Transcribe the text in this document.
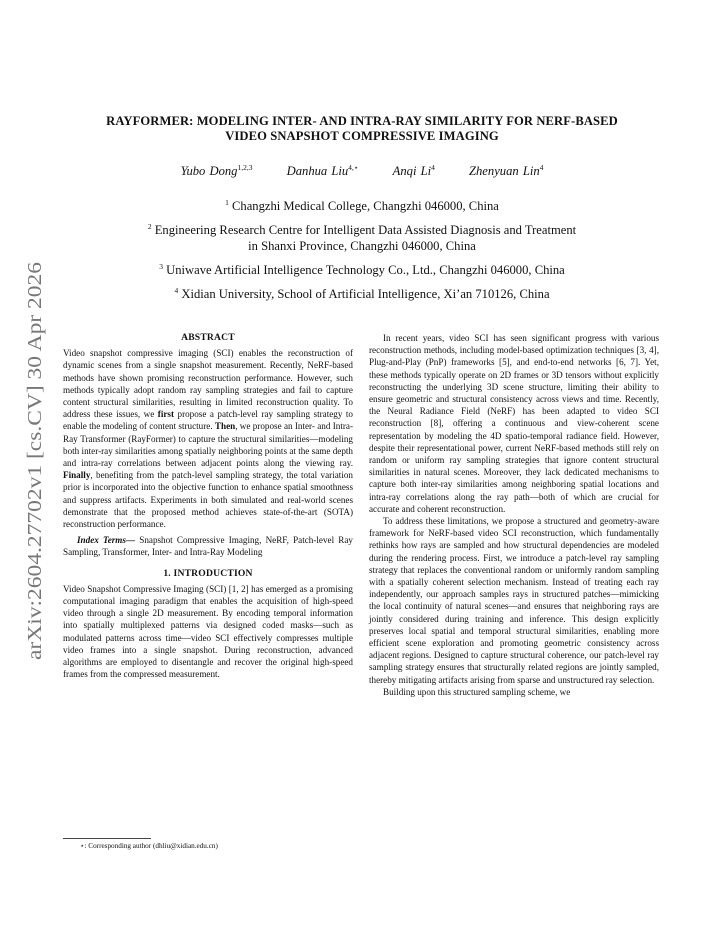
arXiv:2604.27702v1 [cs.CV] 30 Apr 2026
RAYFORMER: MODELING INTER- AND INTRA-RAY SIMILARITY FOR NERF-BASED
VIDEO SNAPSHOT COMPRESSIVE IMAGING
Yubo Dong$^{1,2,3}$	Danhua Liu$^{4,⋆}$	Anqi Li$^4$	Zhenyuan Lin$^4$
$^1$ Changzhi Medical College, Changzhi 046000, China
$^2$ Engineering Research Centre for Intelligent Data Assisted Diagnosis and Treatment
in Shanxi Province, Changzhi 046000, China
$^3$ Uniwave Artificial Intelligence Technology Co., Ltd., Changzhi 046000, China
$^4$ Xidian University, School of Artificial Intelligence, Xi’an 710126, China
ABSTRACT

Video snapshot compressive imaging (SCI) enables the reconstruction of dynamic scenes from a single snapshot measurement. Recently, NeRF-based methods have shown promising reconstruction performance. However, such methods typically adopt random ray sampling strategies and fail to capture content structural similarities, resulting in limited reconstruction quality. To address these issues, we first propose a patch-level ray sampling strategy to enable the modeling of content structure. Then, we propose an Inter- and Intra-Ray Transformer (RayFormer) to capture the structural similarities—modeling both inter-ray similarities among spatially neighboring points at the same depth and intra-ray correlations between adjacent points along the viewing ray. Finally, benefiting from the patch-level sampling strategy, the total variation prior is incorporated into the objective function to enhance spatial smoothness and suppress artifacts. Experiments in both simulated and real-world scenes demonstrate that the proposed method achieves state-of-the-art (SOTA) reconstruction performance.

Index Terms— Snapshot Compressive Imaging, NeRF, Patch-level Ray Sampling, Transformer, Inter- and Intra-Ray Modeling

1. INTRODUCTION

Video Snapshot Compressive Imaging (SCI) [1, 2] has emerged as a promising computational imaging paradigm that enables the acquisition of high-speed video through a single 2D measurement. By encoding temporal information into spatially multiplexed patterns via designed coded masks—such as modulated patterns across time—video SCI effectively compresses multiple video frames into a single snapshot. During reconstruction, advanced algorithms are employed to disentangle and recover the original high-speed frames from the compressed measurement.

In recent years, video SCI has seen significant progress with various reconstruction methods, including model-based optimization techniques [3, 4], Plug-and-Play (PnP) frameworks [5], and end-to-end networks [6, 7]. Yet, these methods typically operate on 2D frames or 3D tensors without explicitly reconstructing the underlying 3D scene structure, limiting their ability to ensure geometric and structural consistency across views and time. Recently, the Neural Radiance Field (NeRF) has been adapted to video SCI reconstruction [8], offering a continuous and view-coherent scene representation by modeling the 4D spatio-temporal radiance field. However, despite their representational power, current NeRF-based methods still rely on random or uniform ray sampling strategies that ignore content structural similarities in natural scenes. Moreover, they lack dedicated mechanisms to capture both inter-ray similarities among neighboring spatial locations and intra-ray correlations along the ray path—both of which are crucial for accurate and coherent reconstruction.

To address these limitations, we propose a structured and geometry-aware framework for NeRF-based video SCI reconstruction, which fundamentally rethinks how rays are sampled and how structural dependencies are modeled during the rendering process. First, we introduce a patch-level ray sampling strategy that replaces the conventional random or uniformly random sampling with a spatially coherent selection mechanism. Instead of treating each ray independently, our approach samples rays in structured patches—mimicking the local continuity of natural scenes—and ensures that neighboring rays are jointly considered during training and inference. This design explicitly preserves local spatial and temporal structural similarities, enabling more efficient scene exploration and promoting geometric consistency across adjacent regions. Designed to capture structural coherence, our patch-level ray sampling strategy ensures that structurally related regions are jointly sampled, thereby mitigating artifacts arising from sparse and unstructured ray selection.

Building upon this structured sampling scheme, we

⋆: Corresponding author (dhliu@xidian.edu.cn)
